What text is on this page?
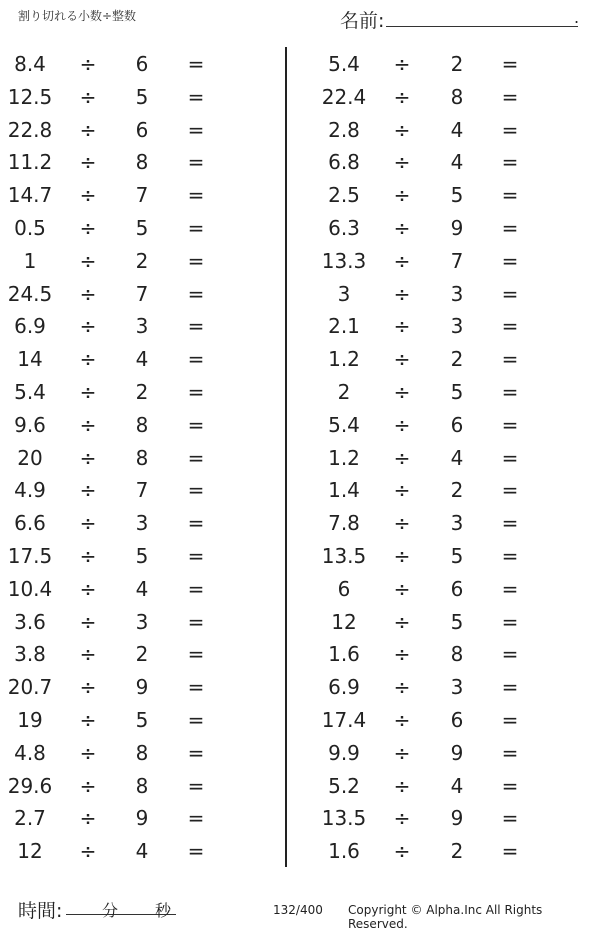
割り切れる小数÷整数	名前:	.
8.4	÷	6	=
12.5 ÷	5	=
22.8 ÷	6	=
11.2 ÷	8	=
14.7 ÷	7	=
0.5	÷	5	=
1	÷	2	=
24.5 ÷	7	=
6.9	÷	3	=
14	÷	4	=
5.4	÷	2	=
9.6	÷	8	=
20	÷	8	=
4.9	÷	7	=
6.6	÷	3	=
17.5 ÷	5	=
10.4 ÷	4	=
3.6	÷	3	=
3.8	÷	2	=
20.7 ÷	9	=
19	÷	5	=
4.8	÷	8	=
29.6 ÷	8	=
2.7	÷	9	=
12	÷	4	=
5.4	÷	2	=
22.4 ÷	8	=
2.8	÷	4	=
6.8	÷	4	=
2.5	÷	5	=
6.3	÷	9	=
13.3 ÷	7	=
3	÷	3	=
2.1	÷	3	=
1.2	÷	2	=
2	÷	5	=
5.4	÷	6	=
1.2	÷	4	=
1.4	÷	2	=
7.8	÷	3	=
13.5 ÷	5	=
6	÷	6	=
12	÷	5	=
1.6	÷	8	=
6.9	÷	3	=
17.4 ÷	6	=
9.9	÷	9	=
5.2	÷	4	=
13.5 ÷	9	=
1.6	÷	2	=
時間: 分 秒	132/400 Copyright © Alpha.Inc All Rights Reserved.
